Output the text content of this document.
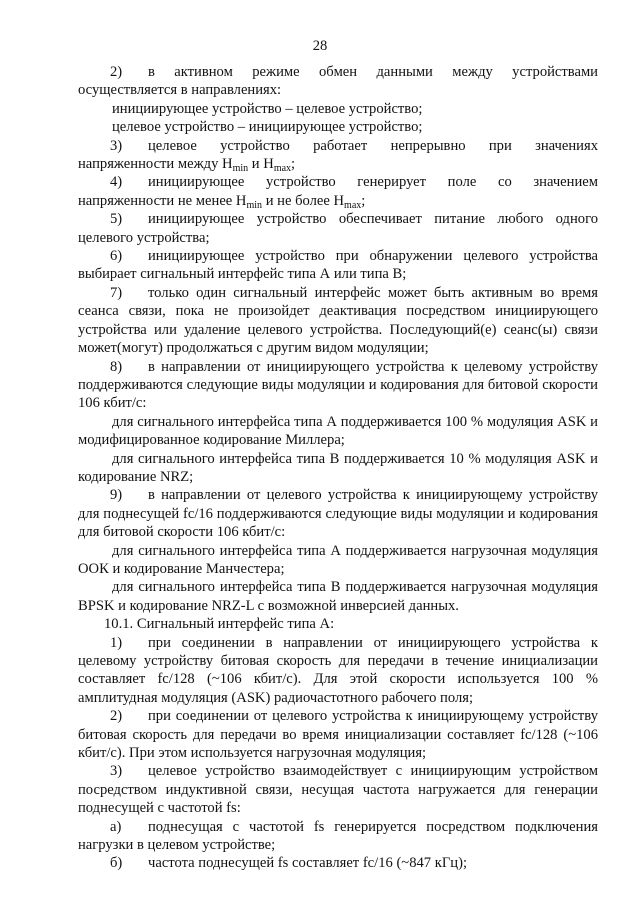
28

2) в активном режиме обмен данными между устройствами осуществляется в направлениях:

инициирующее устройство – целевое устройство;

целевое устройство – инициирующее устройство;

3) целевое устройство работает непрерывно при значениях напряженности между $H_{min}$ и $H_{max}$;

4) инициирующее устройство генерирует поле со значением напряженности не менее $H_{min}$ и не более $H_{max}$;

5) инициирующее устройство обеспечивает питание любого одного целевого устройства;

6) инициирующее устройство при обнаружении целевого устройства выбирает сигнальный интерфейс типа А или типа В;

7) только один сигнальный интерфейс может быть активным во время сеанса связи, пока не произойдет деактивация посредством инициирующего устройства или удаление целевого устройства. Последующий(е) сеанс(ы) связи может(могут) продолжаться с другим видом модуляции;

8) в направлении от инициирующего устройства к целевому устройству поддерживаются следующие виды модуляции и кодирования для битовой скорости 106 кбит/с:

для сигнального интерфейса типа А поддерживается 100 % модуляция ASK и модифицированное кодирование Миллера;

для сигнального интерфейса типа В поддерживается 10 % модуляция ASK и кодирование NRZ;

9) в направлении от целевого устройства к инициирующему устройству для поднесущей fc/16 поддерживаются следующие виды модуляции и кодирования для битовой скорости 106 кбит/с:

для сигнального интерфейса типа А поддерживается нагрузочная модуляция ООК и кодирование Манчестера;

для сигнального интерфейса типа В поддерживается нагрузочная модуляция BPSK и кодирование NRZ-L с возможной инверсией данных.

10.1. Сигнальный интерфейс типа А:

1) при соединении в направлении от инициирующего устройства к целевому устройству битовая скорость для передачи в течение инициализации составляет fc/128 (~106 кбит/с). Для этой скорости используется 100 % амплитудная модуляция (ASK) радиочастотного рабочего поля;

2) при соединении от целевого устройства к инициирующему устройству битовая скорость для передачи во время инициализации составляет fc/128 (~106 кбит/с). При этом используется нагрузочная модуляция;

3) целевое устройство взаимодействует с инициирующим устройством посредством индуктивной связи, несущая частота нагружается для генерации поднесущей с частотой fs:

а) поднесущая с частотой fs генерируется посредством подключения нагрузки в целевом устройстве;

б) частота поднесущей fs составляет fc/16 (~847 кГц);
